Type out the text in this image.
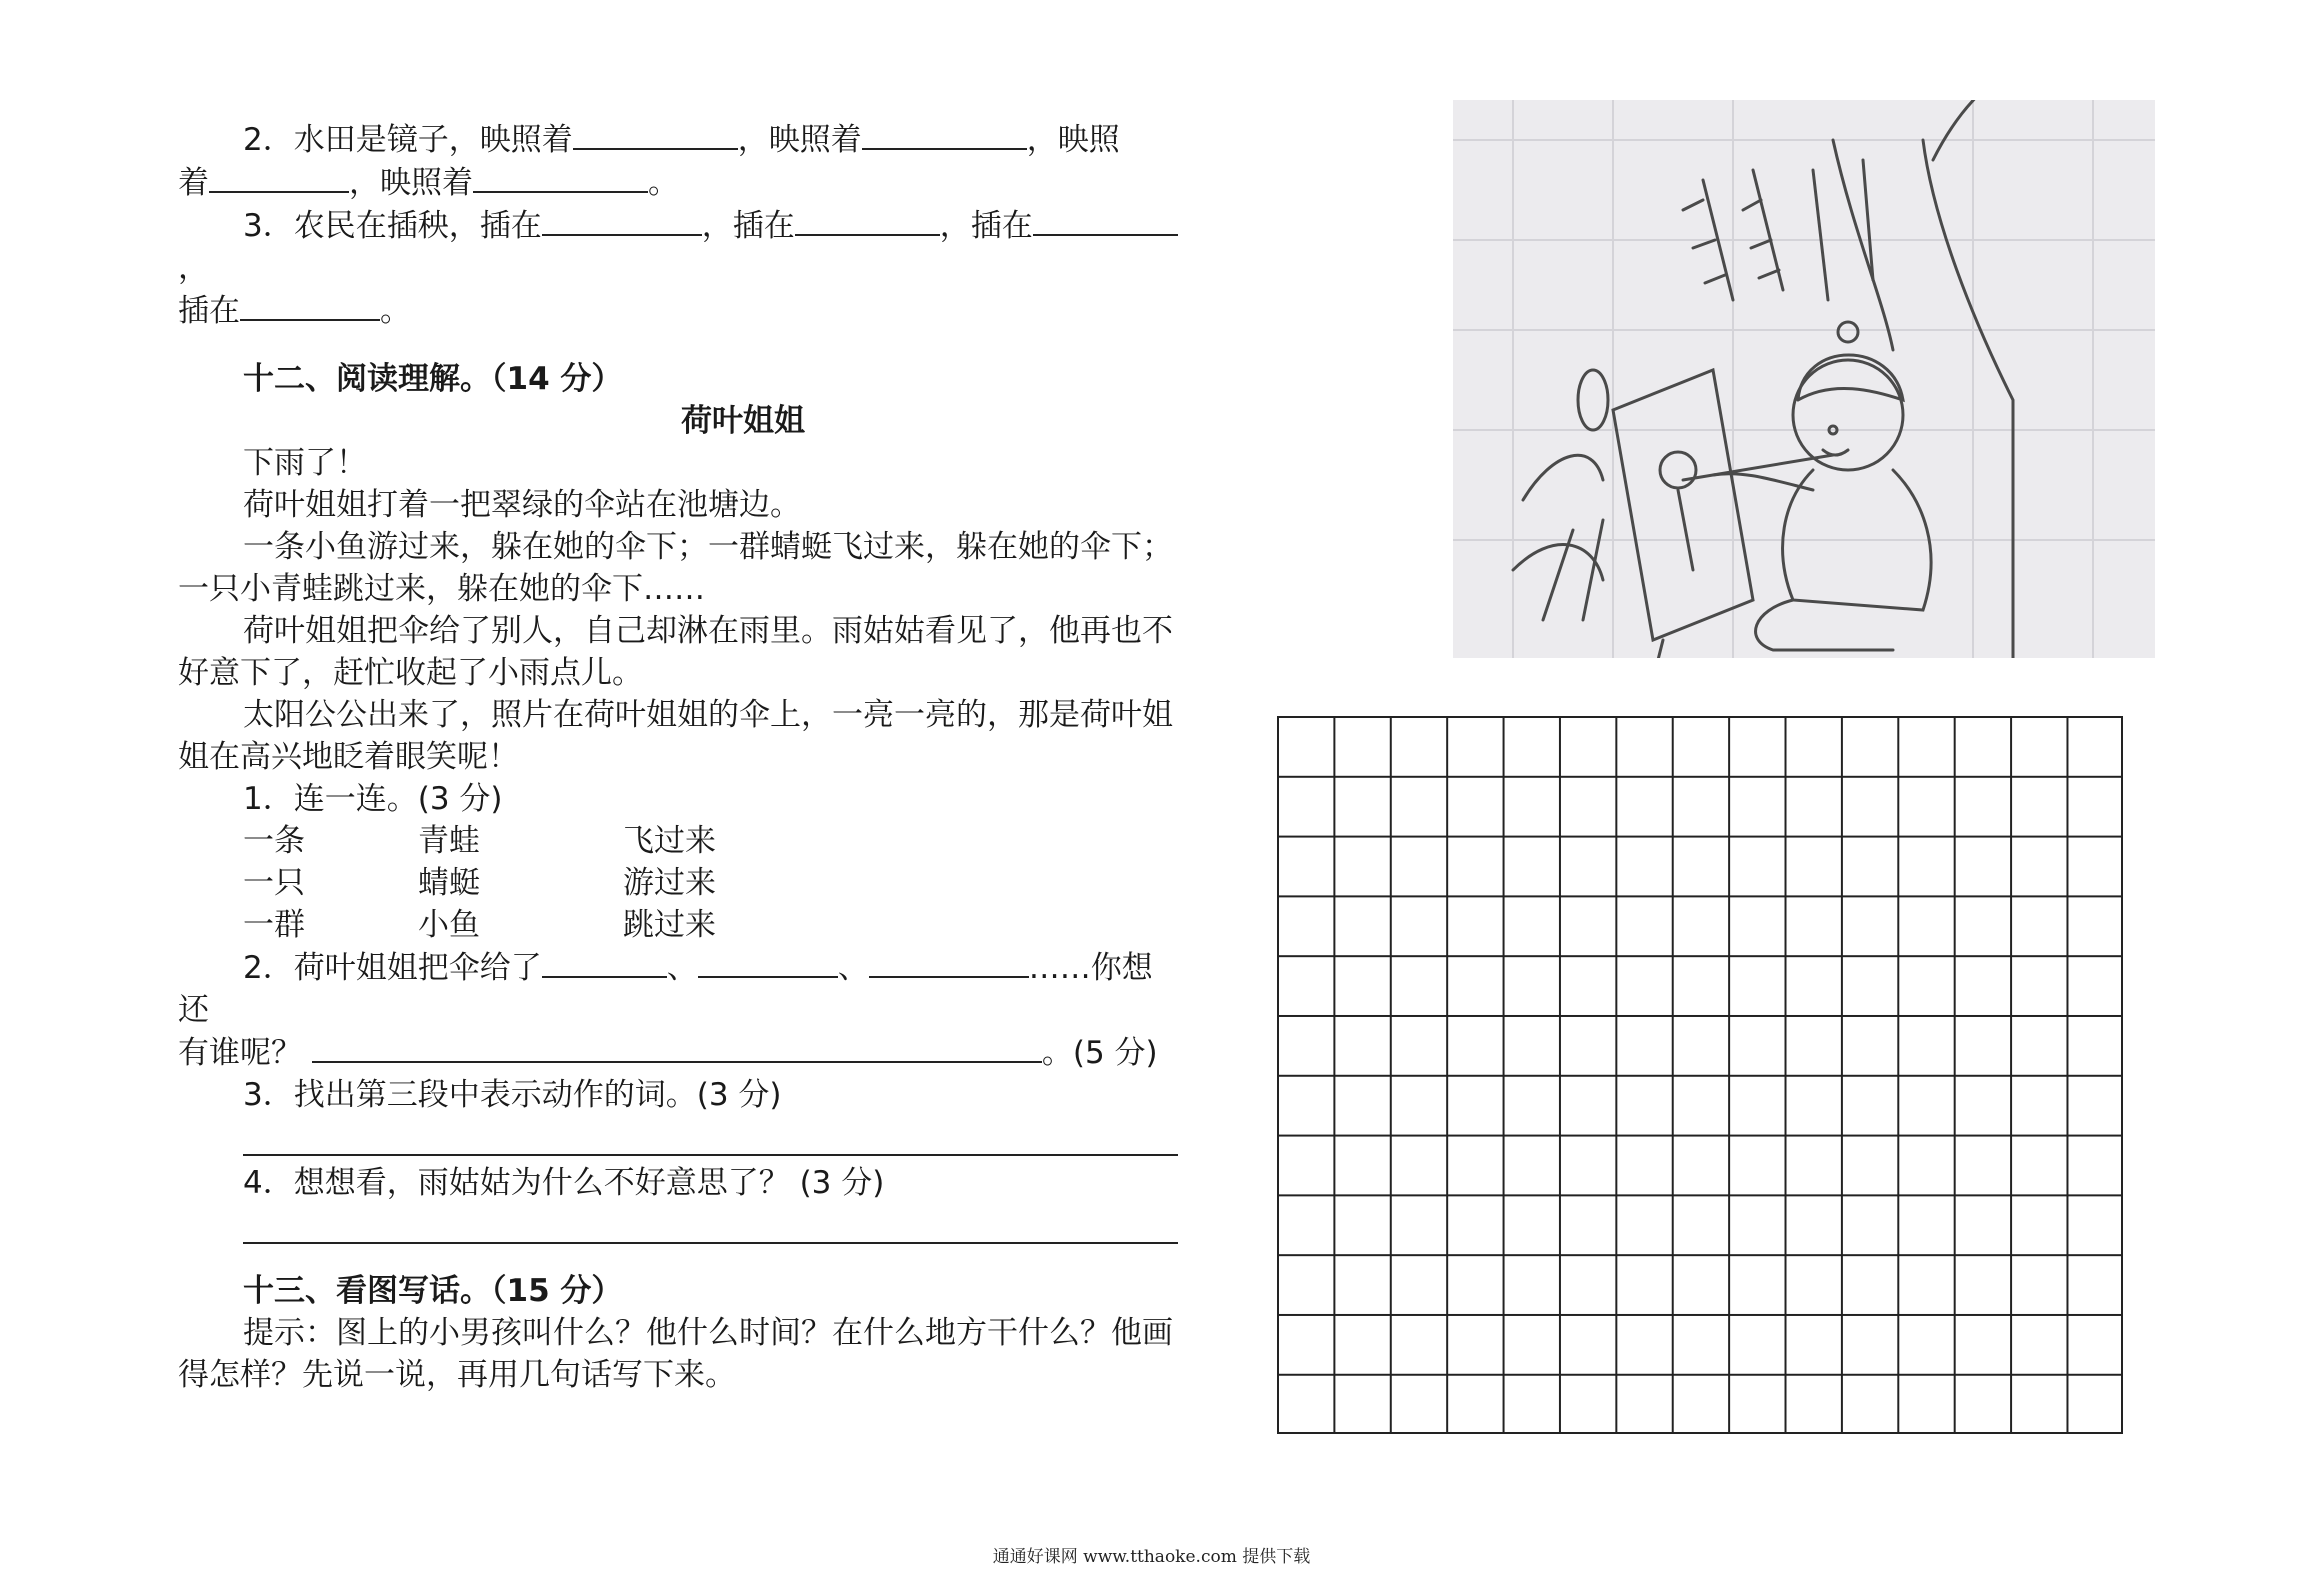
2．水田是镜子，映照着	，映照着	，映照

着	，映照着	。

3．农民在插秧，插在	，插在	，插在，

插在	。

十二、阅读理解。（14 分）

荷叶姐姐

下雨了！

荷叶姐姐打着一把翠绿的伞站在池塘边。

一条小鱼游过来，躲在她的伞下；一群蜻蜓飞过来，躲在她的伞下；一只小青蛙跳过来，躲在她的伞下……

荷叶姐姐把伞给了别人，自己却淋在雨里。雨姑姑看见了，他再也不好意下了，赶忙收起了小雨点儿。

太阳公公出来了，照片在荷叶姐姐的伞上，一亮一亮的，那是荷叶姐姐在高兴地眨着眼笑呢！

1．连一连。(3 分)

一条	青蛙	飞过来
一只	蜻蜓	游过来
一群	小鱼	跳过来

2．荷叶姐姐把伞给了	、	、	……你想还

有谁呢？	。(5 分)

3．找出第三段中表示动作的词。(3 分)

4．想想看，雨姑姑为什么不好意思了？ (3 分)

十三、看图写话。（15 分）

提示：图上的小男孩叫什么？他什么时间？在什么地方干什么？他画得怎样？先说一说，再用几句话写下来。

通通好课网 www.tthaoke.com 提供下载
